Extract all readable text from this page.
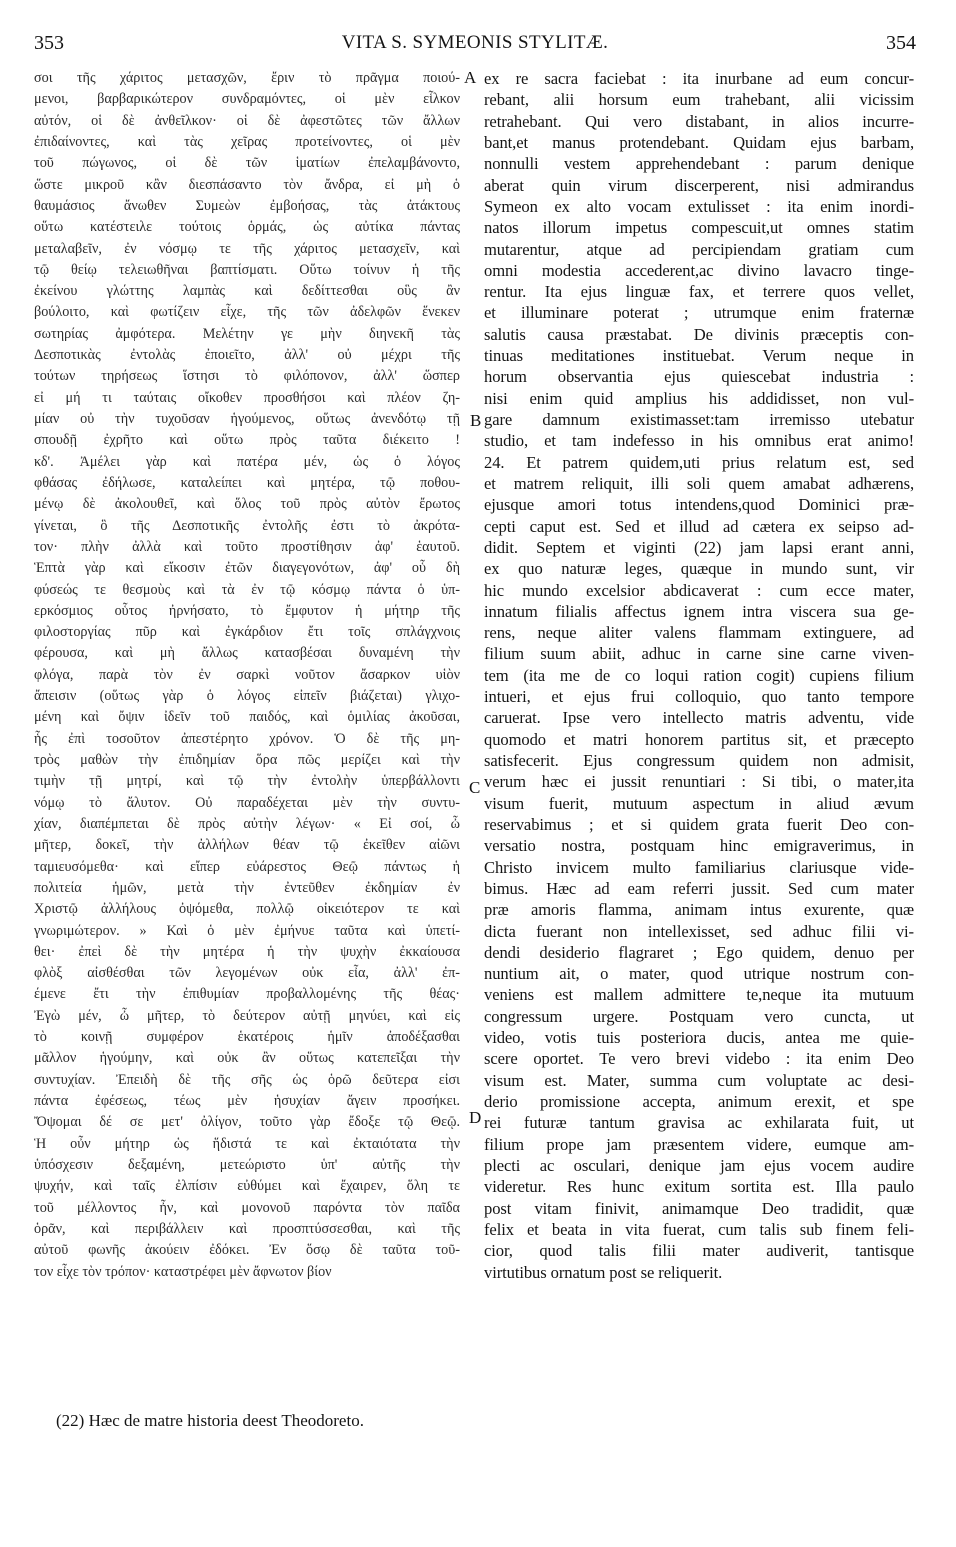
353	VITA S. SYMEONIS STYLITÆ.	354
σοι τῆς χάριτος μετασχῶν, ἔριν τὸ πρᾶγμα ποιού-
μενοι, βαρβαρικώτερον συνδραμόντες, οἱ μὲν εἷλκον
αὐτόν, οἱ δὲ ἀνθεῖλκον· οἱ δὲ ἀφεστῶτες τῶν ἄλλων
ἐπιδαίνοντες, καὶ τὰς χεῖρας προτείνοντες, οἱ μὲν
τοῦ πώγωνος, οἱ δὲ τῶν ἱματίων ἐπελαμβάνοντο,
ὥστε μικροῦ κἂν διεσπάσαντο τὸν ἄνδρα, εἰ μὴ ὁ
θαυμάσιος ἄνωθεν Συμεὼν ἐμβοήσας, τὰς ἀτάκτους
οὕτω κατέστειλε τούτοις ὁρμάς, ὡς αὐτίκα πάντας
μεταλαβεῖν, ἐν νόσμῳ τε τῆς χάριτος μετασχεῖν, καὶ
τῷ θείῳ τελειωθῆναι βαπτίσματι. Οὕτω τοίνυν ἡ τῆς
ἐκείνου γλώττης λαμπὰς καὶ δεδίττεσθαι οὓς ἂν
βούλοιτο, καὶ φωτίζειν εἶχε, τῆς τῶν ἀδελφῶν ἕνεκεν
σωτηρίας ἀμφότερα. Μελέτην γε μὴν διηνεκῆ τὰς
Δεσποτικὰς ἐντολὰς ἐποιεῖτο, ἀλλ' οὐ μέχρι τῆς
τούτων τηρήσεως ἵστησι τὸ φιλόπονον, ἀλλ' ὥσπερ
εἰ μή τι ταύταις οἴκοθεν προσθήσοι καὶ πλέον ζη-
μίαν οὐ τὴν τυχοῦσαν ἡγούμενος, οὕτως ἀνενδότῳ τῇ
σπουδῇ ἐχρῆτο καὶ οὕτω πρὸς ταῦτα διέκειτο !
κδ'. Ἀμέλει γὰρ καὶ πατέρα μέν, ὡς ὁ λόγος
φθάσας ἐδήλωσε, καταλείπει καὶ μητέρα, τῷ ποθου-
μένῳ δὲ ἀκολουθεῖ, καὶ ὅλος τοῦ πρὸς αὐτὸν ἔρωτος
γίνεται, ὃ τῆς Δεσποτικῆς ἐντολῆς ἐστι τὸ ἀκρότα-
τον· πλὴν ἀλλὰ καὶ τοῦτο προστίθησιν ἀφ' ἑαυτοῦ.
Ἑπτὰ γὰρ καὶ εἴκοσιν ἐτῶν διαγεγονότων, ἀφ' οὗ δὴ
φύσεώς τε θεσμοὺς καὶ τὰ ἐν τῷ κόσμῳ πάντα ὁ ὑπ-
ερκόσμιος οὗτος ἠρνήσατο, τὸ ἔμφυτον ἡ μήτηρ τῆς
φιλοστοργίας πῦρ καὶ ἐγκάρδιον ἔτι τοῖς σπλάγχνοις
φέρουσα, καὶ μὴ ἄλλως κατασβέσαι δυναμένη τὴν
φλόγα, παρὰ τὸν ἐν σαρκὶ νοῦτον ἄσαρκον υἱὸν
ἄπεισιν (οὕτως γὰρ ὁ λόγος εἰπεῖν βιάζεται) γλιχο-
μένη καὶ ὄψιν ἰδεῖν τοῦ παιδός, καὶ ὁμιλίας ἀκοῦσαι,
ἧς ἐπὶ τοσοῦτον ἀπεστέρητο χρόνον. Ὁ δὲ τῆς μη-
τρὸς μαθὼν τὴν ἐπιδημίαν ὅρα πῶς μερίζει καὶ τὴν
τιμὴν τῇ μητρί, καὶ τῷ τὴν ἐντολὴν ὑπερβάλλοντι
νόμῳ τὸ ἄλυτον. Οὐ παραδέχεται μὲν τὴν συντυ-
χίαν, διαπέμπεται δὲ πρὸς αὐτὴν λέγων· « Εἰ σοί, ὦ
μῆτερ, δοκεῖ, τὴν ἀλλήλων θέαν τῷ ἐκεῖθεν αἰῶνι
ταμιευσόμεθα· καὶ εἴπερ εὐάρεστος Θεῷ πάντως ἡ
πολιτεία ἡμῶν, μετὰ τὴν ἐντεῦθεν ἐκδημίαν ἐν
Χριστῷ ἀλλήλους ὀψόμεθα, πολλῷ οἰκειότερον τε καὶ
γνωριμώτερον. » Καὶ ὁ μὲν ἐμήνυε ταῦτα καὶ ὑπετί-
θει· ἐπεὶ δὲ τὴν μητέρα ἡ τὴν ψυχὴν ἐκκαίουσα
φλὸξ αἰσθέσθαι τῶν λεγομένων οὐκ εἶα, ἀλλ' ἐπ-
έμενε ἔτι τὴν ἐπιθυμίαν προβαλλομένης τῆς θέας·
Ἐγὼ μέν, ὦ μῆτερ, τὸ δεύτερον αὐτῇ μηνύει, καὶ εἰς
τὸ κοινῇ συμφέρον ἑκατέροις ἡμῖν ἀποδέξασθαι
μᾶλλον ἡγούμην, καὶ οὐκ ἂν οὕτως κατεπεῖξαι τὴν
συντυχίαν. Ἐπειδὴ δὲ τῆς σῆς ὡς ὁρῶ δεῦτερα εἰσι
πάντα ἐφέσεως, τέως μὲν ἡσυχίαν ἄγειν προσήκει.
Ὄψομαι δέ σε μετ' ὀλίγον, τοῦτο γὰρ ἔδοξε τῷ Θεῷ.
Ἡ οὖν μήτηρ ὡς ἥδιστά τε καὶ ἐκταιότατα τὴν
ὑπόσχεσιν δεξαμένη, μετεώριστο ὑπ' αὐτῆς τὴν
ψυχήν, καὶ ταῖς ἐλπίσιν εὐθύμει καὶ ἔχαιρεν, ὅλη τε
τοῦ μέλλοντος ἦν, καὶ μονονοῦ παρόντα τὸν παῖδα
ὁρᾶν, καὶ περιβάλλειν καὶ προσπτύσσεσθαι, καὶ τῆς
αὐτοῦ φωνῆς ἀκούειν ἐδόκει. Ἐν ὅσῳ δὲ ταῦτα τοῦ-
τον εἶχε τὸν τρόπον· καταστρέφει μὲν ἄφνωτον βίον
ex re sacra faciebat : ita inurbane ad eum concur-
rebant, alii horsum eum trahebant, alii vicissim
retrahebant. Qui vero distabant, in alios incurre-
bant,et manus protendebant. Quidam ejus barbam,
nonnulli vestem apprehendebant : parum denique
aberat quin virum discerperent, nisi admirandus
Symeon ex alto vocam extulisset : ita enim inordi-
natos illorum impetus compescuit,ut omnes statim
mutarentur, atque ad percipiendam gratiam cum
omni modestia accederent,ac divino lavacro tinge-
rentur. Ita ejus linguæ fax, et terrere quos vellet,
et illuminare poterat ; utrumque enim fraternæ
salutis causa præstabat. De divinis præceptis con-
tinuas meditationes instituebat. Verum neque in
horum observantia ejus quiescebat industria :
nisi enim quid amplius his addidisset, non vul-
gare damnum existimasset:tam irremisso utebatur
studio, et tam indefesso in his omnibus erat animo!
24. Et patrem quidem,uti prius relatum est, sed
et matrem reliquit, illi soli quem amabat adhærens,
ejusque amori totus intendens,quod Dominici præ-
cepti caput est. Sed et illud ad cætera ex seipso ad-
didit. Septem et viginti (22) jam lapsi erant anni,
ex quo naturæ leges, quæque in mundo sunt, vir
hic mundo excelsior abdicaverat : cum ecce mater,
innatum filialis affectus ignem intra viscera sua ge-
rens, neque aliter valens flammam extinguere, ad
filium suum abiit, adhuc in carne sine carne viven-
tem (ita me de co loqui ration cogit) cupiens filium
intueri, et ejus frui colloquio, quo tanto tempore
caruerat. Ipse vero intellecto matris adventu, vide
quomodo et matri honorem partitus sit, et præcepto
satisfecerit. Ejus congressum quidem non admisit,
verum hæc ei jussit renuntiari : Si tibi, o mater,ita
visum fuerit, mutuum aspectum in aliud ævum
reservabimus ; et si quidem grata fuerit Deo con-
versatio nostra, postquam hinc emigraverimus, in
Christo invicem multo familiarius clariusque vide-
bimus. Hæc ad eam referri jussit. Sed cum mater
præ amoris flamma, animam intus exurente, quæ
dicta fuerant non intellexisset, sed adhuc filii vi-
dendi desiderio flagraret ; Ego quidem, denuo per
nuntium ait, o mater, quod utrique nostrum con-
veniens est mallem admittere te,neque ita mutuum
congressum urgere. Postquam vero cuncta, ut
video, votis tuis posteriora ducis, antea me quie-
scere oportet. Te vero brevi videbo : ita enim Deo
visum est. Mater, summa cum voluptate ac desi-
derio promissione accepta, animum erexit, et spe
rei futuræ tantum gravisa ac exhilarata fuit, ut
filium prope jam præsentem videre, eumque am-
plecti ac osculari, denique jam ejus vocem audire
videretur. Res hunc exitum sortita est. Illa paulo
post vitam finivit, animamque Deo tradidit, quæ
felix et beata in vita fuerat, cum talis sub finem feli-
cior, quod talis filii mater audiverit, tantisque
virtutibus ornatum post se reliquerit.
A
B
C
D
(22) Hæc de matre historia deest Theodoreto.
